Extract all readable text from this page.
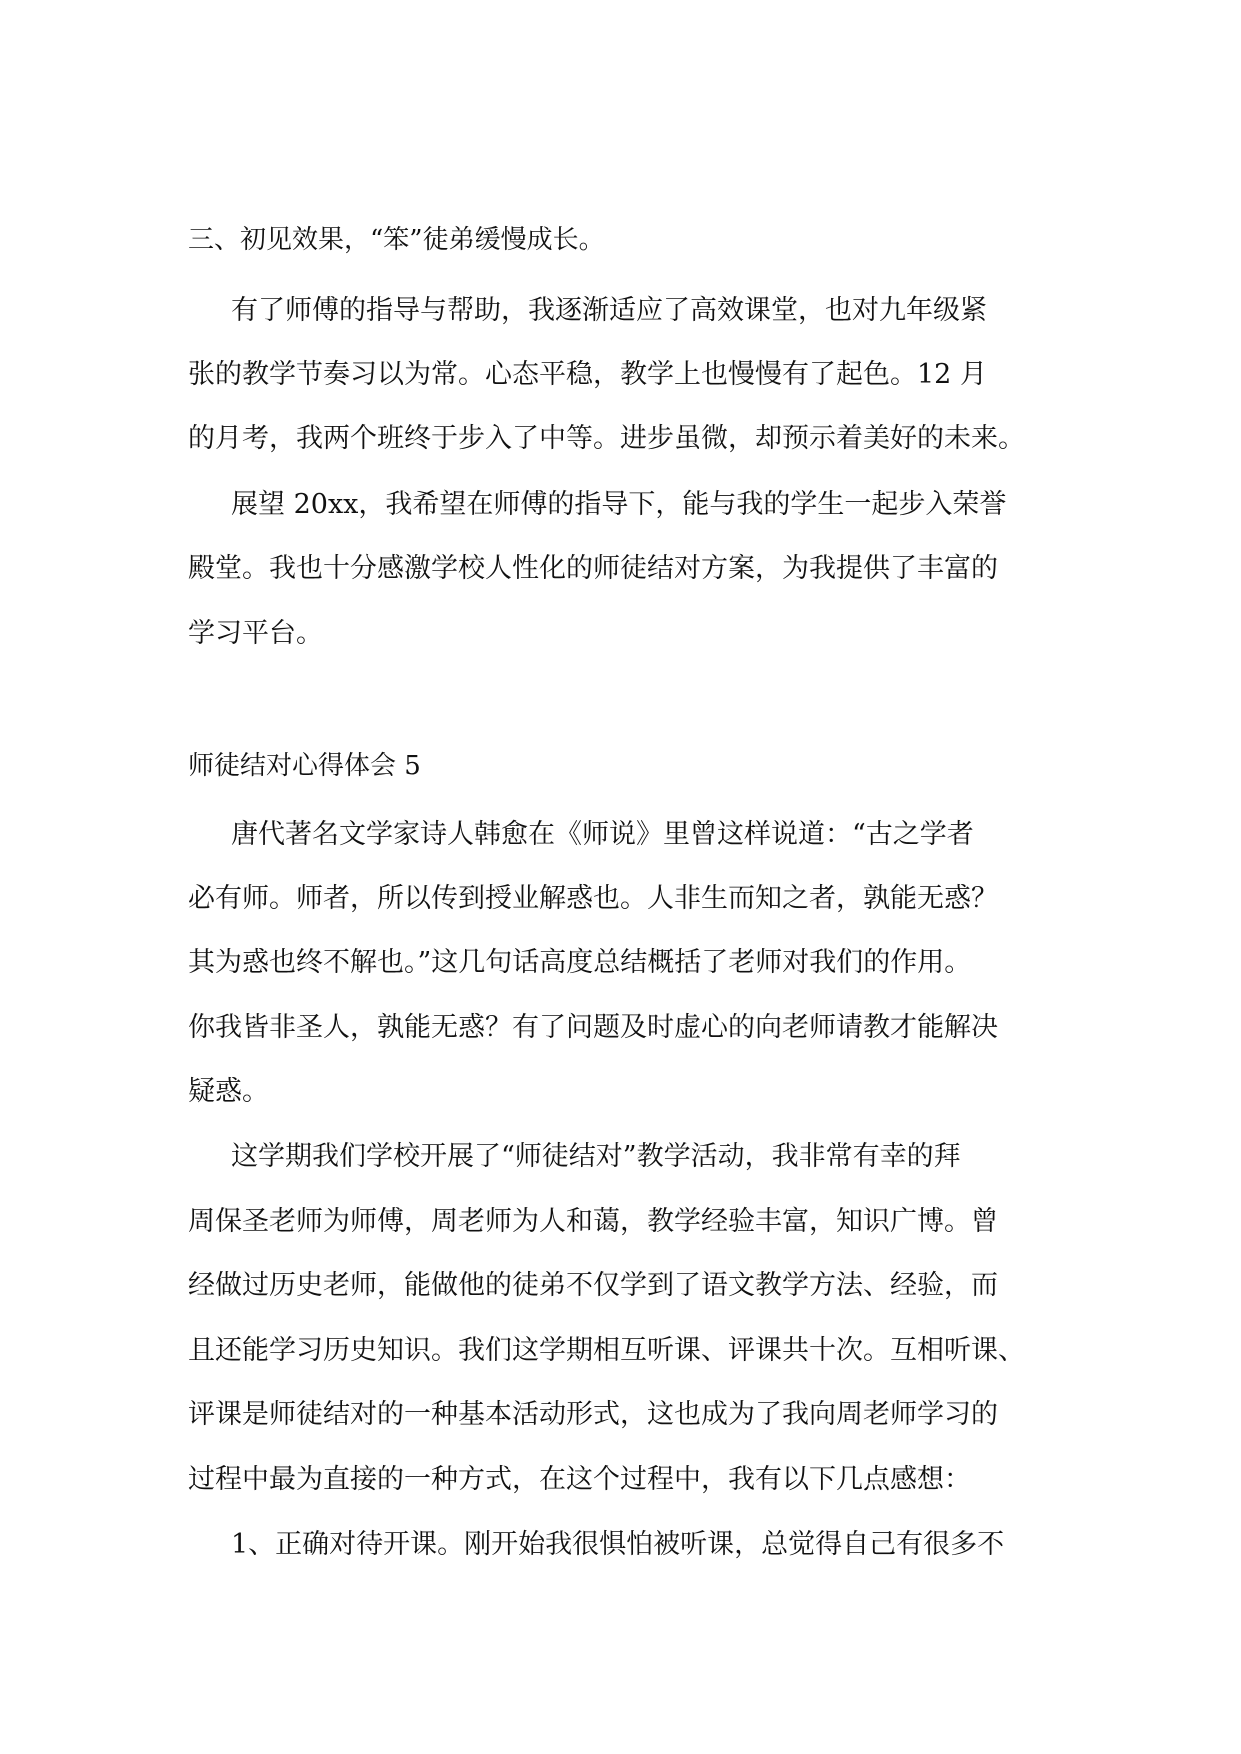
三、初见效果，“笨”徒弟缓慢成长。

有了师傅的指导与帮助，我逐渐适应了高效课堂，也对九年级紧

张的教学节奏习以为常。心态平稳，教学上也慢慢有了起色。12 月

的月考，我两个班终于步入了中等。进步虽微，却预示着美好的未来。

展望 20xx，我希望在师傅的指导下，能与我的学生一起步入荣誉

殿堂。我也十分感激学校人性化的师徒结对方案，为我提供了丰富的

学习平台。

师徒结对心得体会 5

唐代著名文学家诗人韩愈在《师说》里曾这样说道：“古之学者

必有师。师者，所以传到授业解惑也。人非生而知之者，孰能无惑？

其为惑也终不解也。”这几句话高度总结概括了老师对我们的作用。

你我皆非圣人，孰能无惑？有了问题及时虚心的向老师请教才能解决

疑惑。

这学期我们学校开展了“师徒结对”教学活动，我非常有幸的拜

周保圣老师为师傅，周老师为人和蔼，教学经验丰富，知识广博。曾

经做过历史老师，能做他的徒弟不仅学到了语文教学方法、经验，而

且还能学习历史知识。我们这学期相互听课、评课共十次。互相听课、

评课是师徒结对的一种基本活动形式，这也成为了我向周老师学习的

过程中最为直接的一种方式，在这个过程中，我有以下几点感想：

1、正确对待开课。刚开始我很惧怕被听课，总觉得自己有很多不
